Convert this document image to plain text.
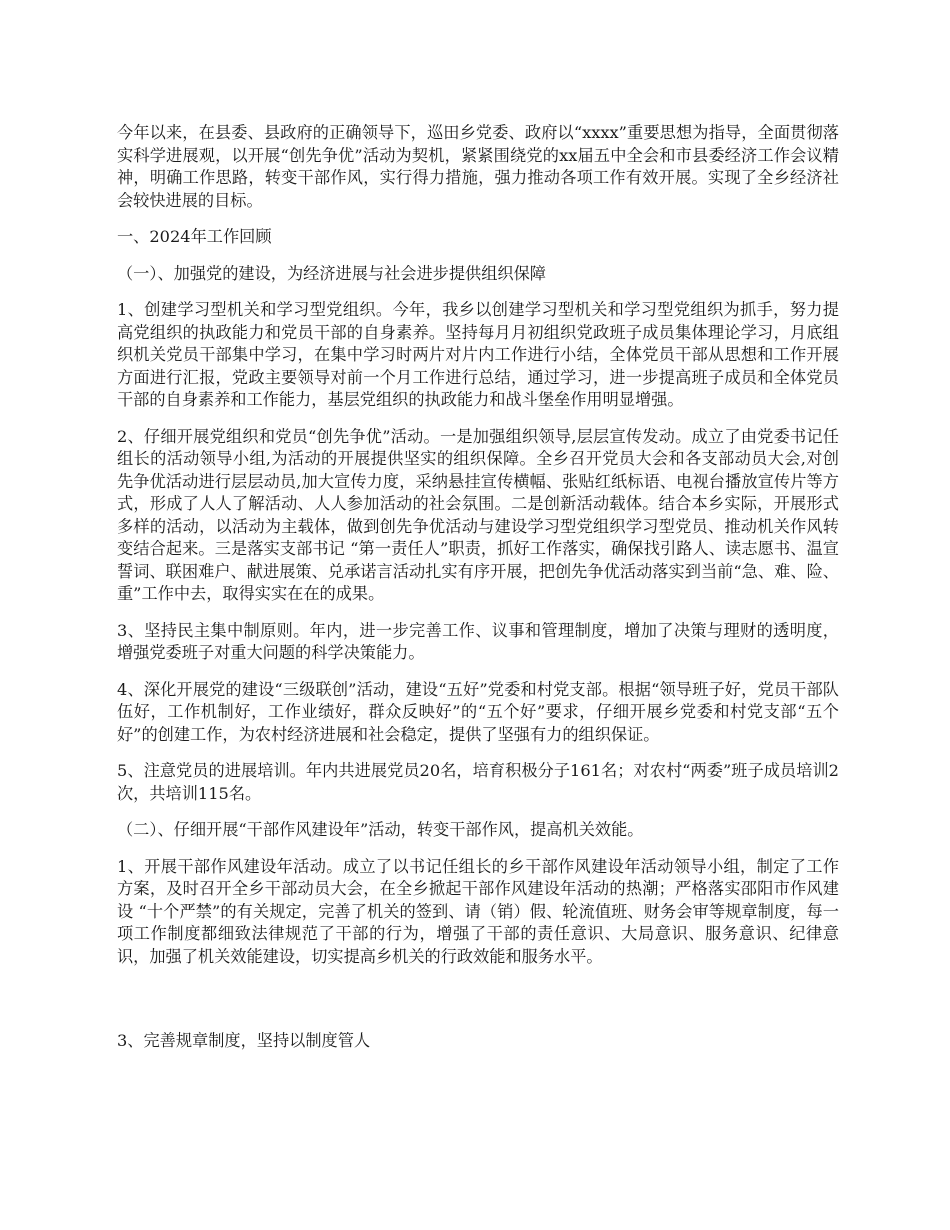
今年以来，在县委、县政府的正确领导下，巡田乡党委、政府以“xxxx”重要思想为指导，全面贯彻落实科学进展观，以开展“创先争优”活动为契机，紧紧围绕党的xx届五中全会和市县委经济工作会议精神，明确工作思路，转变干部作风，实行得力措施，强力推动各项工作有效开展。实现了全乡经济社会较快进展的目标。

一、2024年工作回顾

（一）、加强党的建设，为经济进展与社会进步提供组织保障

1、创建学习型机关和学习型党组织。今年，我乡以创建学习型机关和学习型党组织为抓手，努力提高党组织的执政能力和党员干部的自身素养。坚持每月月初组织党政班子成员集体理论学习，月底组织机关党员干部集中学习，在集中学习时两片对片内工作进行小结，全体党员干部从思想和工作开展方面进行汇报，党政主要领导对前一个月工作进行总结，通过学习，进一步提高班子成员和全体党员干部的自身素养和工作能力，基层党组织的执政能力和战斗堡垒作用明显增强。

2、仔细开展党组织和党员“创先争优”活动。一是加强组织领导,层层宣传发动。成立了由党委书记任组长的活动领导小组,为活动的开展提供坚实的组织保障。全乡召开党员大会和各支部动员大会,对创先争优活动进行层层动员,加大宣传力度，采纳悬挂宣传横幅、张贴红纸标语、电视台播放宣传片等方式，形成了人人了解活动、人人参加活动的社会氛围。二是创新活动载体。结合本乡实际，开展形式多样的活动，以活动为主载体，做到创先争优活动与建设学习型党组织学习型党员、推动机关作风转变结合起来。三是落实支部书记 “第一责任人”职责，抓好工作落实，确保找引路人、读志愿书、温宣誓词、联困难户、献进展策、兑承诺言活动扎实有序开展，把创先争优活动落实到当前“急、难、险、重”工作中去，取得实实在在的成果。

3、坚持民主集中制原则。年内，进一步完善工作、议事和管理制度，增加了决策与理财的透明度，增强党委班子对重大问题的科学决策能力。

4、深化开展党的建设“三级联创”活动，建设“五好”党委和村党支部。根据“领导班子好，党员干部队伍好，工作机制好，工作业绩好，群众反映好”的“五个好”要求，仔细开展乡党委和村党支部“五个好”的创建工作，为农村经济进展和社会稳定，提供了坚强有力的组织保证。

5、注意党员的进展培训。年内共进展党员20名，培育积极分子161名；对农村“两委”班子成员培训2次，共培训115名。

（二）、仔细开展“干部作风建设年”活动，转变干部作风，提高机关效能。

1、开展干部作风建设年活动。成立了以书记任组长的乡干部作风建设年活动领导小组，制定了工作方案，及时召开全乡干部动员大会，在全乡掀起干部作风建设年活动的热潮；严格落实邵阳市作风建设 “十个严禁”的有关规定，完善了机关的签到、请（销）假、轮流值班、财务会审等规章制度，每一项工作制度都细致法律规范了干部的行为，增强了干部的责任意识、大局意识、服务意识、纪律意识，加强了机关效能建设，切实提高乡机关的行政效能和服务水平。

3、完善规章制度，坚持以制度管人
